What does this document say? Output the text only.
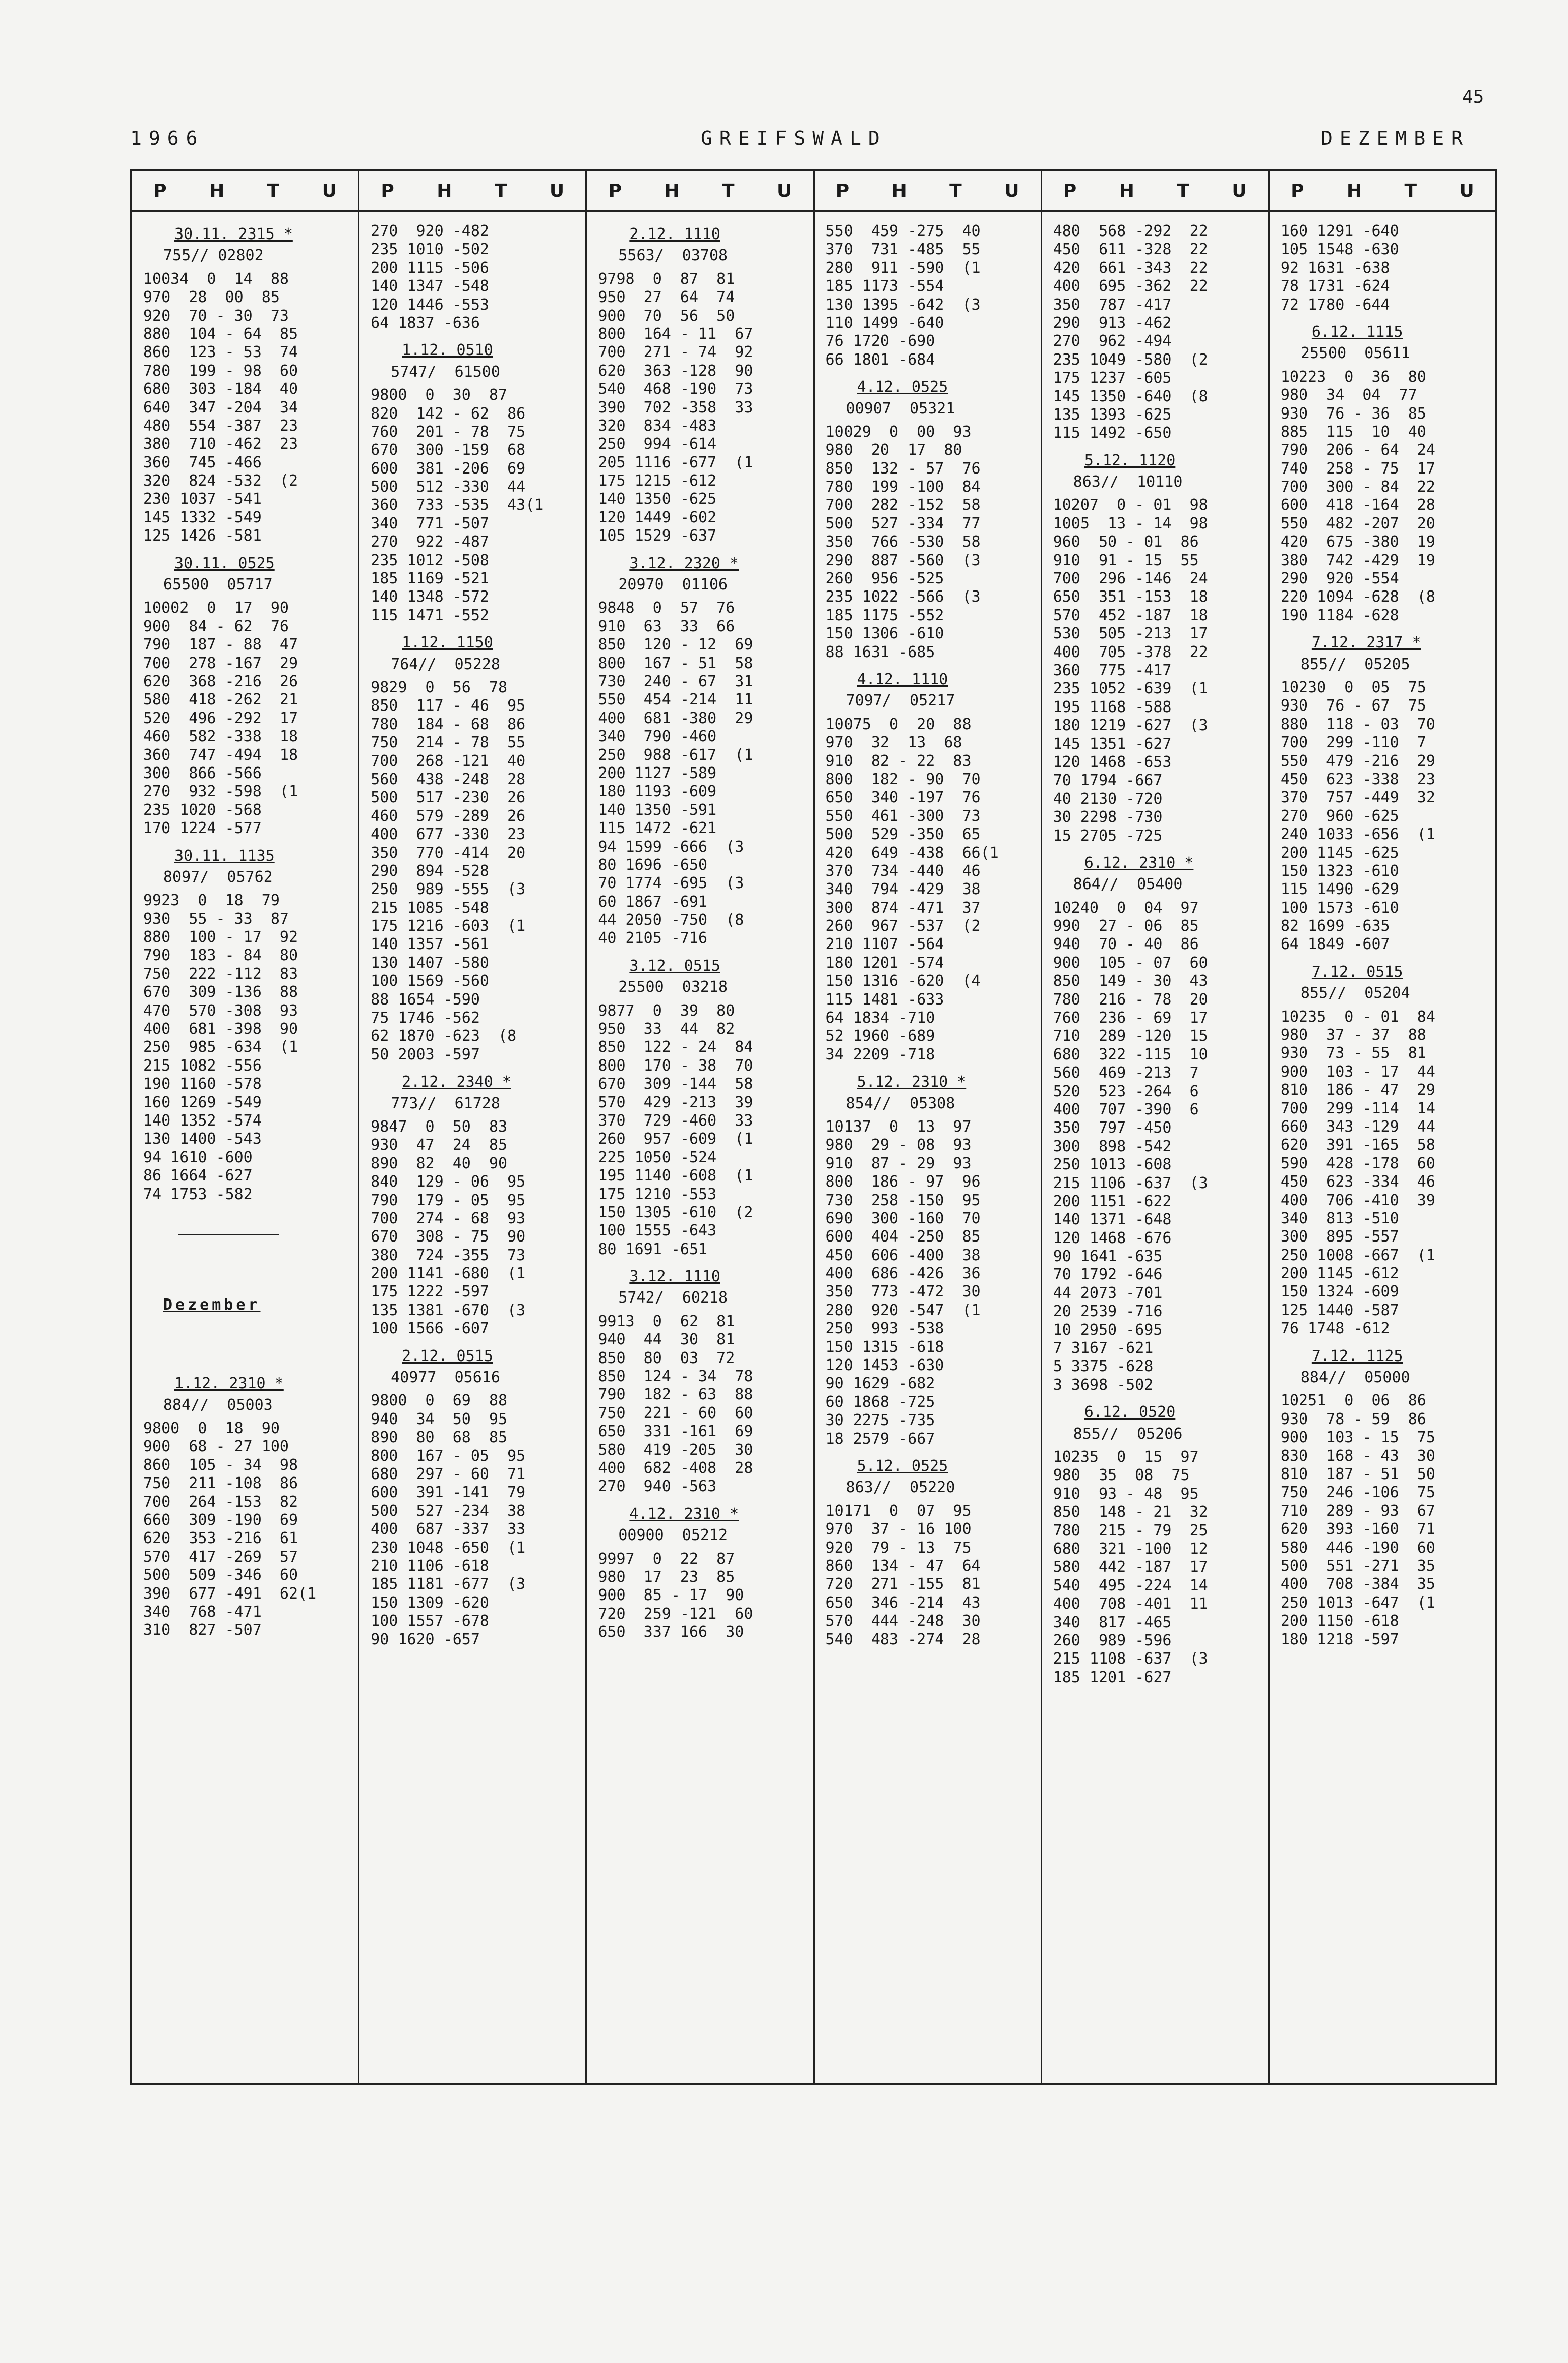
45
1966	GREIFSWALD	DEZEMBER
P H T U
30.11. 2315 *
755// 02802
10034  0  14  88
970  28  00  85
920  70 - 30  73
880  104 - 64  85
860  123 - 53  74
780  199 - 98  60
680  303 -184  40
640  347 -204  34
480  554 -387  23
380  710 -462  23
360  745 -466
320  824 -532  (2
230 1037 -541
145 1332 -549
125 1426 -581
30.11. 0525
65500  05717
10002  0  17  90
900  84 - 62  76
790  187 - 88  47
700  278 -167  29
620  368 -216  26
580  418 -262  21
520  496 -292  17
460  582 -338  18
360  747 -494  18
300  866 -566
270  932 -598  (1
235 1020 -568
170 1224 -577
30.11. 1135
8097/  05762
9923  0  18  79
930  55 - 33  87
880  100 - 17  92
790  183 - 84  80
750  222 -112  83
670  309 -136  88
470  570 -308  93
400  681 -398  90
250  985 -634  (1
215 1082 -556
190 1160 -578
160 1269 -549
140 1352 -574
130 1400 -543
94 1610 -600
86 1664 -627
74 1753 -582
Dezember
1.12. 2310 *
884//  05003
9800  0  18  90
900  68 - 27 100
860  105 - 34  98
750  211 -108  86
700  264 -153  82
660  309 -190  69
620  353 -216  61
570  417 -269  57
500  509 -346  60
390  677 -491  62(1
340  768 -471
310  827 -507
P H T U
270  920 -482
235 1010 -502
200 1115 -506
140 1347 -548
120 1446 -553
64 1837 -636
1.12. 0510
5747/  61500
9800  0  30  87
820  142 - 62  86
760  201 - 78  75
670  300 -159  68
600  381 -206  69
500  512 -330  44
360  733 -535  43(1
340  771 -507
270  922 -487
235 1012 -508
185 1169 -521
140 1348 -572
115 1471 -552
1.12. 1150
764//  05228
9829  0  56  78
850  117 - 46  95
780  184 - 68  86
750  214 - 78  55
700  268 -121  40
560  438 -248  28
500  517 -230  26
460  579 -289  26
400  677 -330  23
350  770 -414  20
290  894 -528
250  989 -555  (3
215 1085 -548
175 1216 -603  (1
140 1357 -561
130 1407 -580
100 1569 -560
88 1654 -590
75 1746 -562
62 1870 -623  (8
50 2003 -597
2.12. 2340 *
773//  61728
9847  0  50  83
930  47  24  85
890  82  40  90
840  129 - 06  95
790  179 - 05  95
700  274 - 68  93
670  308 - 75  90
380  724 -355  73
200 1141 -680  (1
175 1222 -597
135 1381 -670  (3
100 1566 -607
2.12. 0515
40977  05616
9800  0  69  88
940  34  50  95
890  80  68  85
800  167 - 05  95
680  297 - 60  71
600  391 -141  79
500  527 -234  38
400  687 -337  33
230 1048 -650  (1
210 1106 -618
185 1181 -677  (3
150 1309 -620
100 1557 -678
90 1620 -657
P H T U
2.12. 1110
5563/  03708
9798  0  87  81
950  27  64  74
900  70  56  50
800  164 - 11  67
700  271 - 74  92
620  363 -128  90
540  468 -190  73
390  702 -358  33
320  834 -483
250  994 -614
205 1116 -677  (1
175 1215 -612
140 1350 -625
120 1449 -602
105 1529 -637
3.12. 2320 *
20970  01106
9848  0  57  76
910  63  33  66
850  120 - 12  69
800  167 - 51  58
730  240 - 67  31
550  454 -214  11
400  681 -380  29
340  790 -460
250  988 -617  (1
200 1127 -589
180 1193 -609
140 1350 -591
115 1472 -621
94 1599 -666  (3
80 1696 -650
70 1774 -695  (3
60 1867 -691
44 2050 -750  (8
40 2105 -716
3.12. 0515
25500  03218
9877  0  39  80
950  33  44  82
850  122 - 24  84
800  170 - 38  70
670  309 -144  58
570  429 -213  39
370  729 -460  33
260  957 -609  (1
225 1050 -524
195 1140 -608  (1
175 1210 -553
150 1305 -610  (2
100 1555 -643
80 1691 -651
3.12. 1110
5742/  60218
9913  0  62  81
940  44  30  81
850  80  03  72
850  124 - 34  78
790  182 - 63  88
750  221 - 60  60
650  331 -161  69
580  419 -205  30
400  682 -408  28
270  940 -563
4.12. 2310 *
00900  05212
9997  0  22  87
980  17  23  85
900  85 - 17  90
720  259 -121  60
650  337 166  30
P H T U
550  459 -275  40
370  731 -485  55
280  911 -590  (1
185 1173 -554
130 1395 -642  (3
110 1499 -640
76 1720 -690
66 1801 -684
4.12. 0525
00907  05321
10029  0  00  93
980  20  17  80
850  132 - 57  76
780  199 -100  84
700  282 -152  58
500  527 -334  77
350  766 -530  58
290  887 -560  (3
260  956 -525
235 1022 -566  (3
185 1175 -552
150 1306 -610
88 1631 -685
4.12. 1110
7097/  05217
10075  0  20  88
970  32  13  68
910  82 - 22  83
800  182 - 90  70
650  340 -197  76
550  461 -300  73
500  529 -350  65
420  649 -438  66(1
370  734 -440  46
340  794 -429  38
300  874 -471  37
260  967 -537  (2
210 1107 -564
180 1201 -574
150 1316 -620  (4
115 1481 -633
64 1834 -710
52 1960 -689
34 2209 -718
5.12. 2310 *
854//  05308
10137  0  13  97
980  29 - 08  93
910  87 - 29  93
800  186 - 97  96
730  258 -150  95
690  300 -160  70
600  404 -250  85
450  606 -400  38
400  686 -426  36
350  773 -472  30
280  920 -547  (1
250  993 -538
150 1315 -618
120 1453 -630
90 1629 -682
60 1868 -725
30 2275 -735
18 2579 -667
5.12. 0525
863//  05220
10171  0  07  95
970  37 - 16 100
920  79 - 13  75
860  134 - 47  64
720  271 -155  81
650  346 -214  43
570  444 -248  30
540  483 -274  28
P H T U
480  568 -292  22
450  611 -328  22
420  661 -343  22
400  695 -362  22
350  787 -417
290  913 -462
270  962 -494
235 1049 -580  (2
175 1237 -605
145 1350 -640  (8
135 1393 -625
115 1492 -650
5.12. 1120
863//  10110
10207  0 - 01  98
1005  13 - 14  98
960  50 - 01  86
910  91 - 15  55
700  296 -146  24
650  351 -153  18
570  452 -187  18
530  505 -213  17
400  705 -378  22
360  775 -417
235 1052 -639  (1
195 1168 -588
180 1219 -627  (3
145 1351 -627
120 1468 -653
70 1794 -667
40 2130 -720
30 2298 -730
15 2705 -725
6.12. 2310 *
864//  05400
10240  0  04  97
990  27 - 06  85
940  70 - 40  86
900  105 - 07  60
850  149 - 30  43
780  216 - 78  20
760  236 - 69  17
710  289 -120  15
680  322 -115  10
560  469 -213  7
520  523 -264  6
400  707 -390  6
350  797 -450
300  898 -542
250 1013 -608
215 1106 -637  (3
200 1151 -622
140 1371 -648
120 1468 -676
90 1641 -635
70 1792 -646
44 2073 -701
20 2539 -716
10 2950 -695
7 3167 -621
5 3375 -628
3 3698 -502
6.12. 0520
855//  05206
10235  0  15  97
980  35  08  75
910  93 - 48  95
850  148 - 21  32
780  215 - 79  25
680  321 -100  12
580  442 -187  17
540  495 -224  14
400  708 -401  11
340  817 -465
260  989 -596
215 1108 -637  (3
185 1201 -627
P H T U
160 1291 -640
105 1548 -630
92 1631 -638
78 1731 -624
72 1780 -644
6.12. 1115
25500  05611
10223  0  36  80
980  34  04  77
930  76 - 36  85
885  115  10  40
790  206 - 64  24
740  258 - 75  17
700  300 - 84  22
600  418 -164  28
550  482 -207  20
420  675 -380  19
380  742 -429  19
290  920 -554
220 1094 -628  (8
190 1184 -628
7.12. 2317 *
855//  05205
10230  0  05  75
930  76 - 67  75
880  118 - 03  70
700  299 -110  7
550  479 -216  29
450  623 -338  23
370  757 -449  32
270  960 -625
240 1033 -656  (1
200 1145 -625
150 1323 -610
115 1490 -629
100 1573 -610
82 1699 -635
64 1849 -607
7.12. 0515
855//  05204
10235  0 - 01  84
980  37 - 37  88
930  73 - 55  81
900  103 - 17  44
810  186 - 47  29
700  299 -114  14
660  343 -129  44
620  391 -165  58
590  428 -178  60
450  623 -334  46
400  706 -410  39
340  813 -510
300  895 -557
250 1008 -667  (1
200 1145 -612
150 1324 -609
125 1440 -587
76 1748 -612
7.12. 1125
884//  05000
10251  0  06  86
930  78 - 59  86
900  103 - 15  75
830  168 - 43  30
810  187 - 51  50
750  246 -106  75
710  289 - 93  67
620  393 -160  71
580  446 -190  60
500  551 -271  35
400  708 -384  35
250 1013 -647  (1
200 1150 -618
180 1218 -597
